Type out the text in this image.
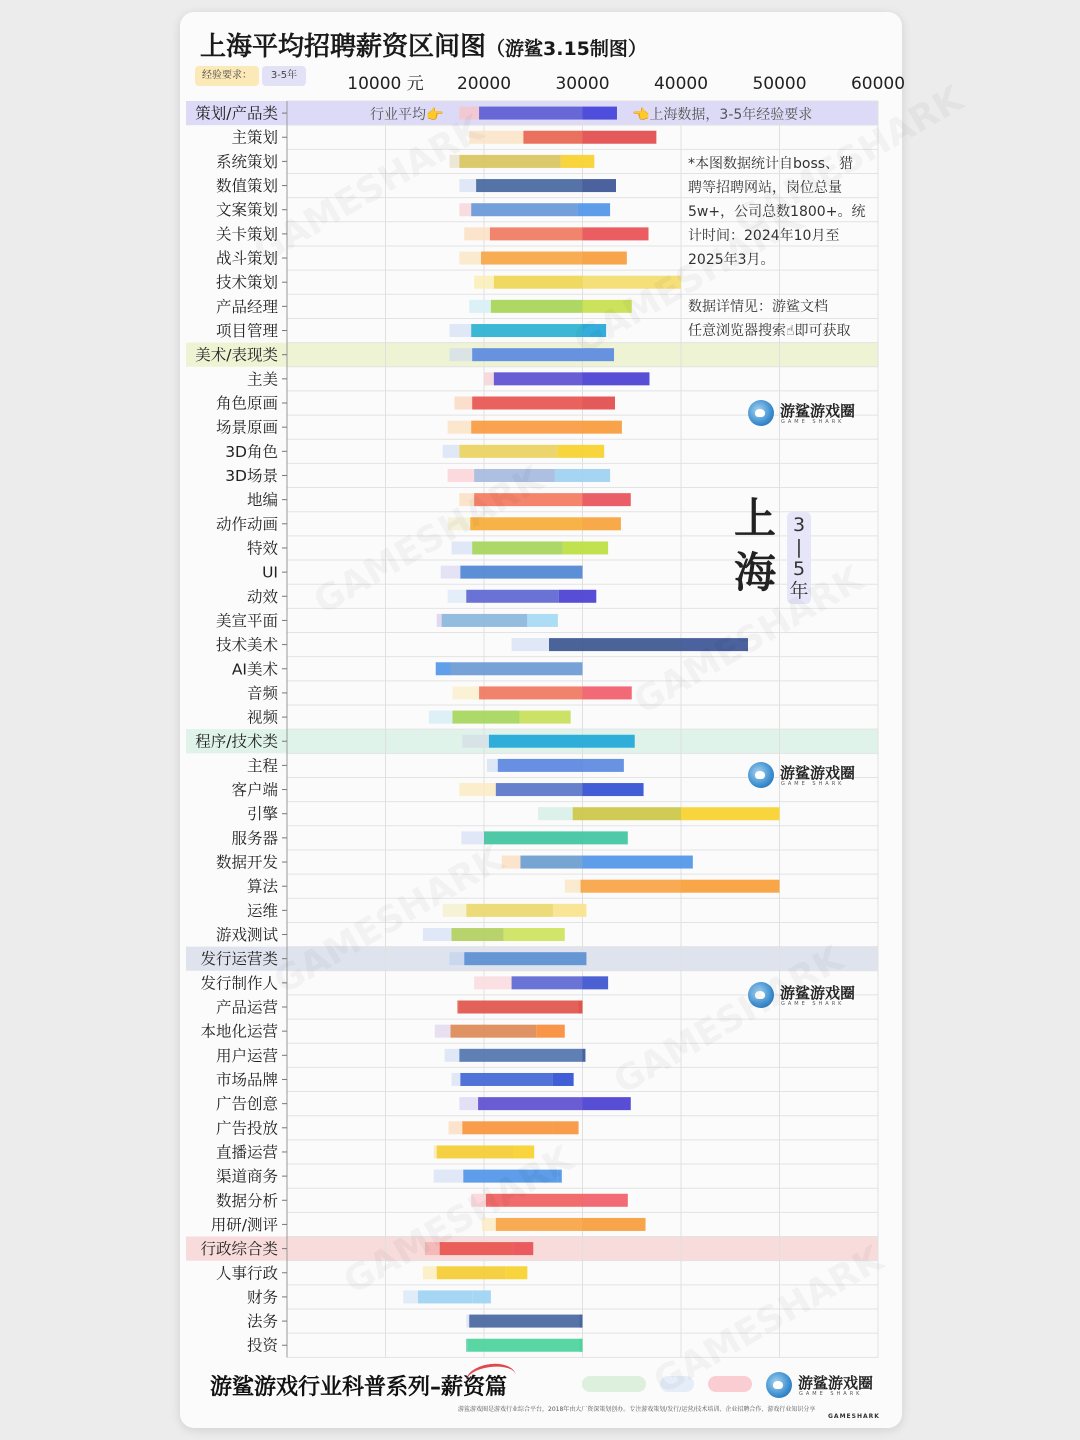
上海平均招聘薪资区间图（游鲨3.15制图）
经验要求：	3-5年	10000 元 20000	30000	40000	50000	60000
策划/产品类
主策划
系统策划
数值策划
文案策划
关卡策划
战斗策划
技术策划
产品经理
项目管理
美术/表现类
主美
角色原画
场景原画
3D角色
3D场景
地编
动作动画
特效
UI
动效
美宣平面
技术美术
AI美术
音频
视频
程序/技术类
主程
客户端
引擎
服务器
数据开发
算法
运维
游戏测试
发行运营类
发行制作人
产品运营
本地化运营
用户运营
市场品牌
广告创意
广告投放
直播运营
渠道商务
数据分析
用研/测评
行政综合类
人事行政
财务
法务
投资
行业平均👉	👈上海数据，3-5年经验要求
*本图数据统计自boss、猎
聘等招聘网站，岗位总量
5w+，公司总数1800+。统
计时间：2024年10月至
2025年3月。
数据详情见：游鲨文档
任意浏览器搜索☝即可获取
游鲨游戏圈
GAME SHARK
游鲨游戏圈
GAME SHARK
游鲨游戏圈
GAME SHARK
上
海
3
|
5
年
游鲨游戏行业科普系列–薪资篇	游鲨游戏圈
GAME SHARK
游鲨游戏圈是游戏行业综合平台，2018年由大厂资深策划创办。专注游戏策划/发行/运营/技术培训、企业招聘合作、游戏行业知识分享
GAMESHARK
